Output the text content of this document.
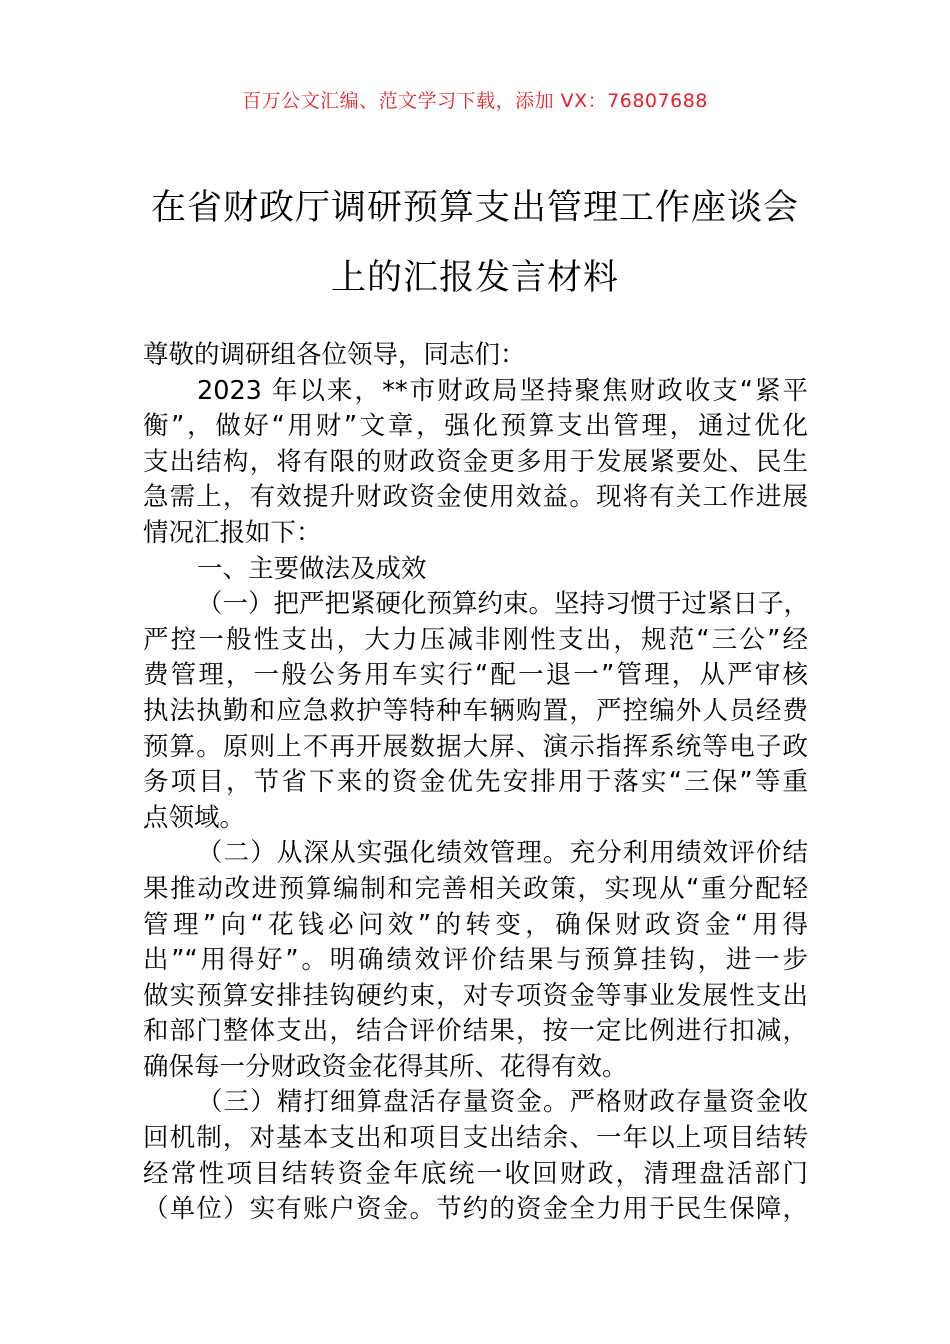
百万公文汇编、范文学习下载，添加 VX：76807688
在省财政厅调研预算支出管理工作座谈会
上的汇报发言材料
尊敬的调研组各位领导，同志们：
2023 年以来，**市财政局坚持聚焦财政收支“紧平
衡”，做好“用财”文章，强化预算支出管理，通过优化
支出结构，将有限的财政资金更多用于发展紧要处、民生
急需上，有效提升财政资金使用效益。现将有关工作进展
情况汇报如下：
一、主要做法及成效
（一）把严把紧硬化预算约束。坚持习惯于过紧日子，
严控一般性支出，大力压减非刚性支出，规范“三公”经
费管理，一般公务用车实行“配一退一”管理，从严审核
执法执勤和应急救护等特种车辆购置，严控编外人员经费
预算。原则上不再开展数据大屏、演示指挥系统等电子政
务项目，节省下来的资金优先安排用于落实“三保”等重
点领域。
（二）从深从实强化绩效管理。充分利用绩效评价结
果推动改进预算编制和完善相关政策，实现从“重分配轻
管理”向“花钱必问效”的转变，确保财政资金“用得
出”“用得好”。明确绩效评价结果与预算挂钩，进一步
做实预算安排挂钩硬约束，对专项资金等事业发展性支出
和部门整体支出，结合评价结果，按一定比例进行扣减，
确保每一分财政资金花得其所、花得有效。
（三）精打细算盘活存量资金。严格财政存量资金收
回机制，对基本支出和项目支出结余、一年以上项目结转
经常性项目结转资金年底统一收回财政，清理盘活部门
（单位）实有账户资金。节约的资金全力用于民生保障，
